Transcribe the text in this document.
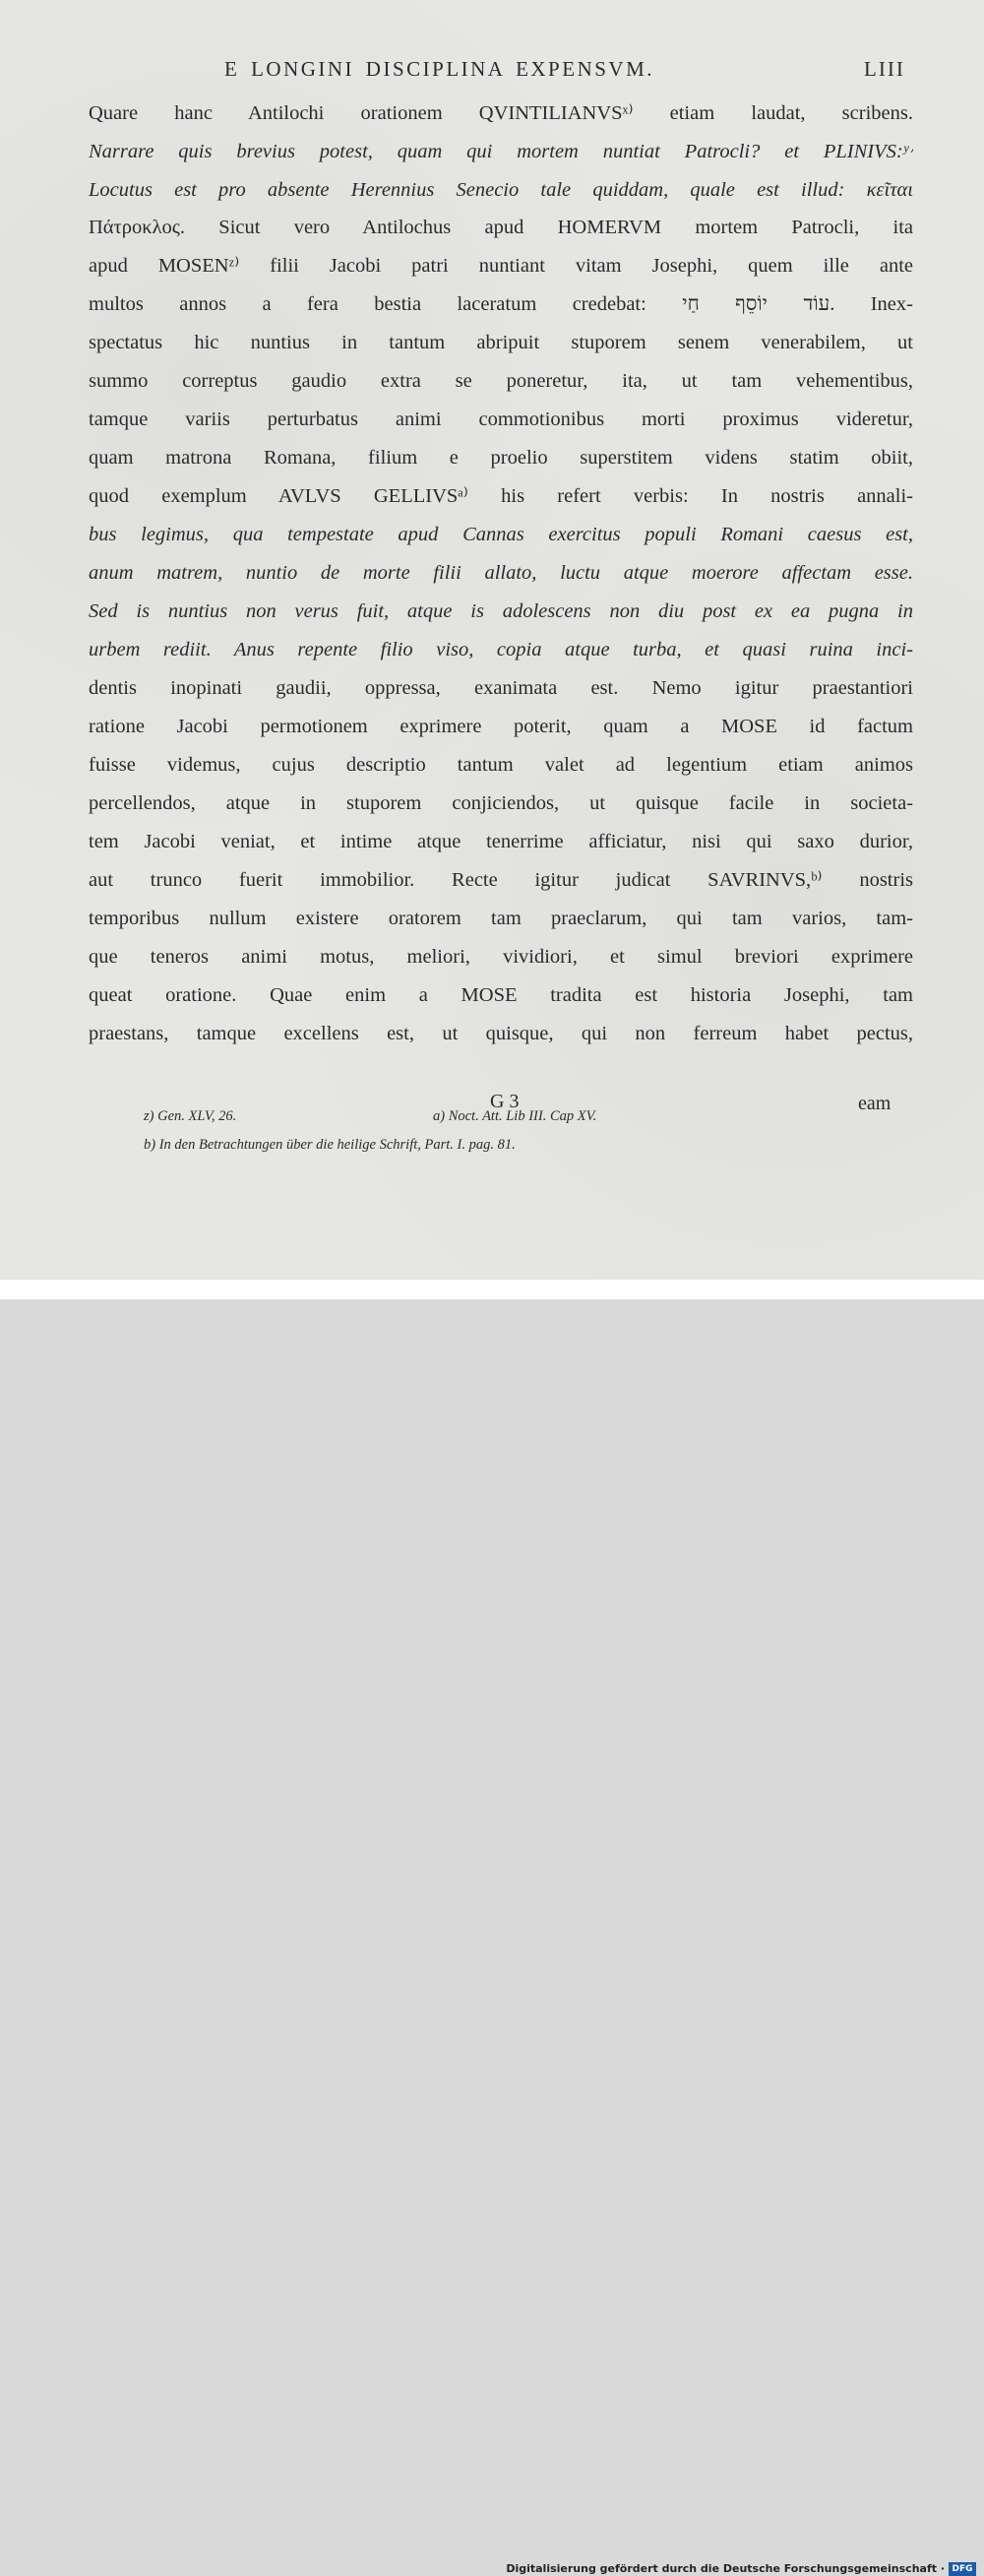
E LONGINI DISCIPLINA EXPENSVM.	LIII
Quare hanc Antilochi orationem QVINTILIANVSˣ⁾ etiam laudat, scribens.
Narrare quis brevius potest, quam qui mortem nuntiat Patrocli? et PLINIVS:ʸ⁾
Locutus est pro absente Herennius Senecio tale quiddam, quale est illud: κεῖται
Πάτροκλος. Sicut vero Antilochus apud HOMERVM mortem Patrocli, ita
apud MOSENᶻ⁾ filii Jacobi patri nuntiant vitam Josephi, quem ille ante
multos annos a fera bestia laceratum credebat: עוֹד יוֹסֵף חַי. Inex-
spectatus hic nuntius in tantum abripuit stuporem senem venerabilem, ut
summo correptus gaudio extra se poneretur, ita, ut tam vehementibus,
tamque variis perturbatus animi commotionibus morti proximus videretur,
quam matrona Romana, filium e proelio superstitem videns statim obiit,
quod exemplum AVLVS GELLIVSᵃ⁾ his refert verbis: In nostris annali-
bus legimus, qua tempestate apud Cannas exercitus populi Romani caesus est,
anum matrem, nuntio de morte filii allato, luctu atque moerore affectam esse.
Sed is nuntius non verus fuit, atque is adolescens non diu post ex ea pugna in
urbem rediit. Anus repente filio viso, copia atque turba, et quasi ruina inci-
dentis inopinati gaudii, oppressa, exanimata est. Nemo igitur praestantiori
ratione Jacobi permotionem exprimere poterit, quam a MOSE id factum
fuisse videmus, cujus descriptio tantum valet ad legentium etiam animos
percellendos, atque in stuporem conjiciendos, ut quisque facile in societa-
tem Jacobi veniat, et intime atque tenerrime afficiatur, nisi qui saxo durior,
aut trunco fuerit immobilior. Recte igitur judicat SAVRINVS,ᵇ⁾ nostris
temporibus nullum existere oratorem tam praeclarum, qui tam varios, tam-
que teneros animi motus, meliori, vividiori, et simul breviori exprimere
queat oratione. Quae enim a MOSE tradita est historia Josephi, tam
praestans, tamque excellens est, ut quisque, qui non ferreum habet pectus,
G 3	eam
z) Gen. XLV, 26.	a) Noct. Att. Lib III. Cap XV.
b) In den Betrachtungen über die heilige Schrift, Part. I. pag. 81.
Digitalisierung gefördert durch die Deutsche Forschungsgemeinschaft · DFG
